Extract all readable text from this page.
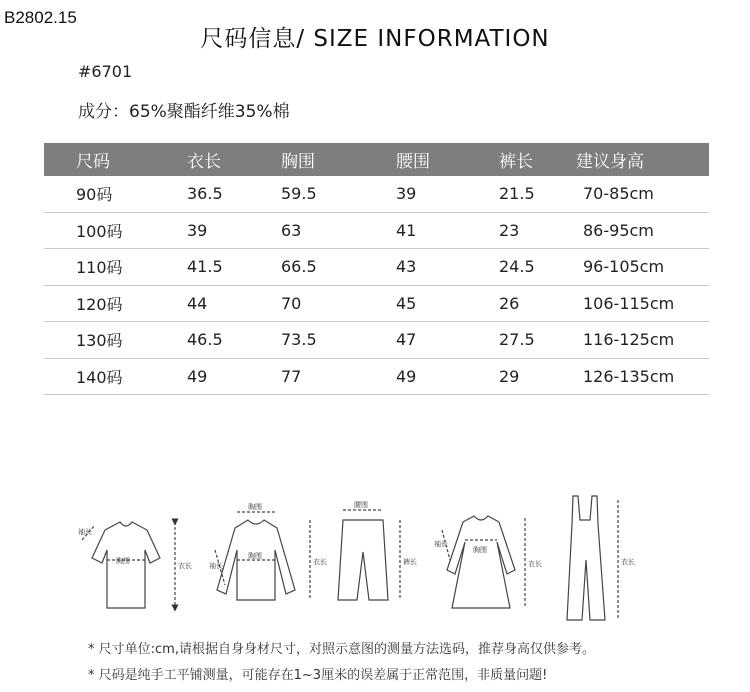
B2802.15
尺码信息/ SIZE INFORMATION
#6701
成分：65%聚酯纤维35%棉
尺码	衣长	胸围	腰围	裤长	建议身高
90码	36.5	59.5	39	21.5	70-85cm
100码	39	63	41	23	86-95cm
110码	41.5	66.5	43	24.5	96-105cm
120码	44	70	45	26	106-115cm
130码	46.5	73.5	47	27.5	116-125cm
140码	49	77	49	29	126-135cm
袖长
胸围
衣长
胸围
胸围
衣长
袖长
腰围
裤长
胸围
衣长
袖长
衣长
* 尺寸单位:cm,请根据自身身材尺寸，对照示意图的测量方法选码，推荐身高仅供参考。
* 尺码是纯手工平铺测量，可能存在1~3厘米的误差属于正常范围，非质量问题!
